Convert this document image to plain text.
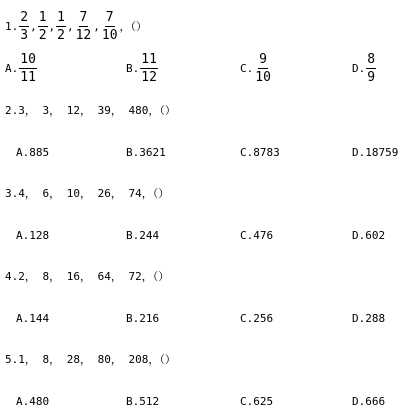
1. $\frac{2}{3}$ , $\frac{1}{2}$ , $\frac{1}{2}$ , $\frac{7}{12}$ , $\frac{7}{10}$ ，（）
A. $\frac{10}{11}$	B. $\frac{11}{12}$	C. $\frac{9}{10}$	D. $\frac{8}{9}$
2.3， 3， 12， 39， 480，（）
A.885	B.3621	C.8783	D.18759
3.4， 6， 10， 26， 74，（）
A.128	B.244	C.476	D.602
4.2， 8， 16， 64， 72，（）
A.144	B.216	C.256	D.288
5.1， 8， 28， 80， 208，（）
A.480	B.512	C.625	D.666
